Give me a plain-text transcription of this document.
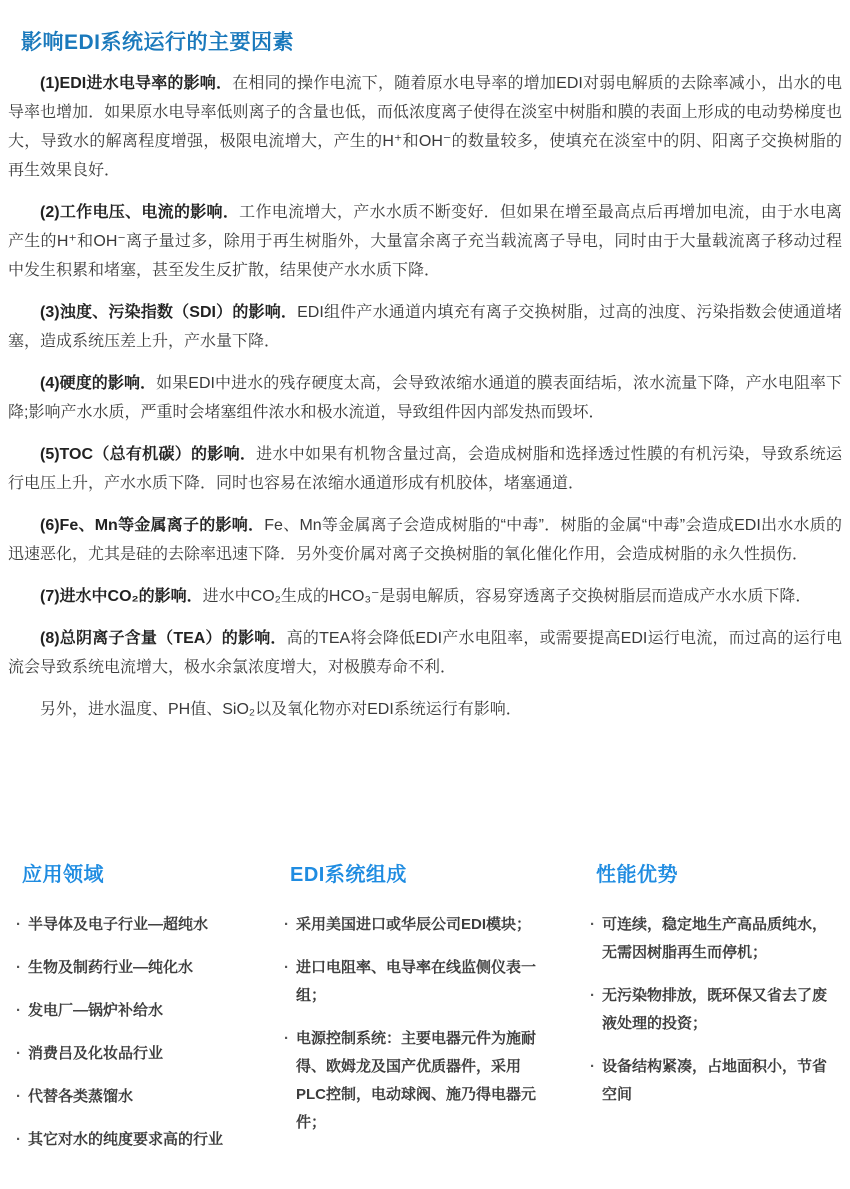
影响EDI系统运行的主要因素

(1)EDI进水电导率的影响．在相同的操作电流下，随着原水电导率的增加EDI对弱电解质的去除率减小，出水的电导率也增加．如果原水电导率低则离子的含量也低，而低浓度离子使得在淡室中树脂和膜的表面上形成的电动势梯度也大，导致水的解离程度增强，极限电流增大，产生的H⁺和OH⁻的数量较多，使填充在淡室中的阴、阳离子交换树脂的再生效果良好．

(2)工作电压、电流的影响．工作电流增大，产水水质不断变好．但如果在增至最高点后再增加电流，由于水电离产生的H⁺和OH⁻离子量过多，除用于再生树脂外，大量富余离子充当载流离子导电，同时由于大量载流离子移动过程中发生积累和堵塞，甚至发生反扩散，结果使产水水质下降．

(3)浊度、污染指数（SDI）的影响．EDI组件产水通道内填充有离子交换树脂，过高的浊度、污染指数会使通道堵塞，造成系统压差上升，产水量下降．

(4)硬度的影响．如果EDI中进水的残存硬度太高，会导致浓缩水通道的膜表面结垢，浓水流量下降，产水电阻率下降;影响产水水质，严重时会堵塞组件浓水和极水流道，导致组件因内部发热而毁坏．

(5)TOC（总有机碳）的影响．进水中如果有机物含量过高，会造成树脂和选择透过性膜的有机污染，导致系统运行电压上升，产水水质下降．同时也容易在浓缩水通道形成有机胶体，堵塞通道．

(6)Fe、Mn等金属离子的影响．Fe、Mn等金属离子会造成树脂的“中毒”．树脂的金属“中毒”会造成EDI出水水质的迅速恶化，尤其是硅的去除率迅速下降．另外变价属对离子交换树脂的氧化催化作用，会造成树脂的永久性损伤．

(7)进水中CO₂的影响．进水中CO₂生成的HCO₃⁻是弱电解质，容易穿透离子交换树脂层而造成产水水质下降．

(8)总阴离子含量（TEA）的影响．高的TEA将会降低EDI产水电阻率，或需要提高EDI运行电流，而过高的运行电流会导致系统电流增大，极水余氯浓度增大，对极膜寿命不利．

另外，进水温度、PH值、SiO₂以及氧化物亦对EDI系统运行有影响．

应用领域
· 半导体及电子行业—超纯水
· 生物及制药行业—纯化水
· 发电厂—锅炉补给水
· 消费吕及化妆品行业
· 代替各类蒸馏水
· 其它对水的纯度要求高的行业
EDI系统组成
· 采用美国进口或华辰公司EDI模块；
· 进口电阻率、电导率在线监侧仪表一组；
· 电源控制系统：主要电器元件为施耐得、欧姆龙及国产优质器件，采用PLC控制，电动球阀、施乃得电器元件；
性能优势
· 可连续，稳定地生产高品质纯水，无需因树脂再生而停机；
· 无污染物排放，既环保又省去了废液处理的投资；
· 设备结构紧凑，占地面积小，节省空间
